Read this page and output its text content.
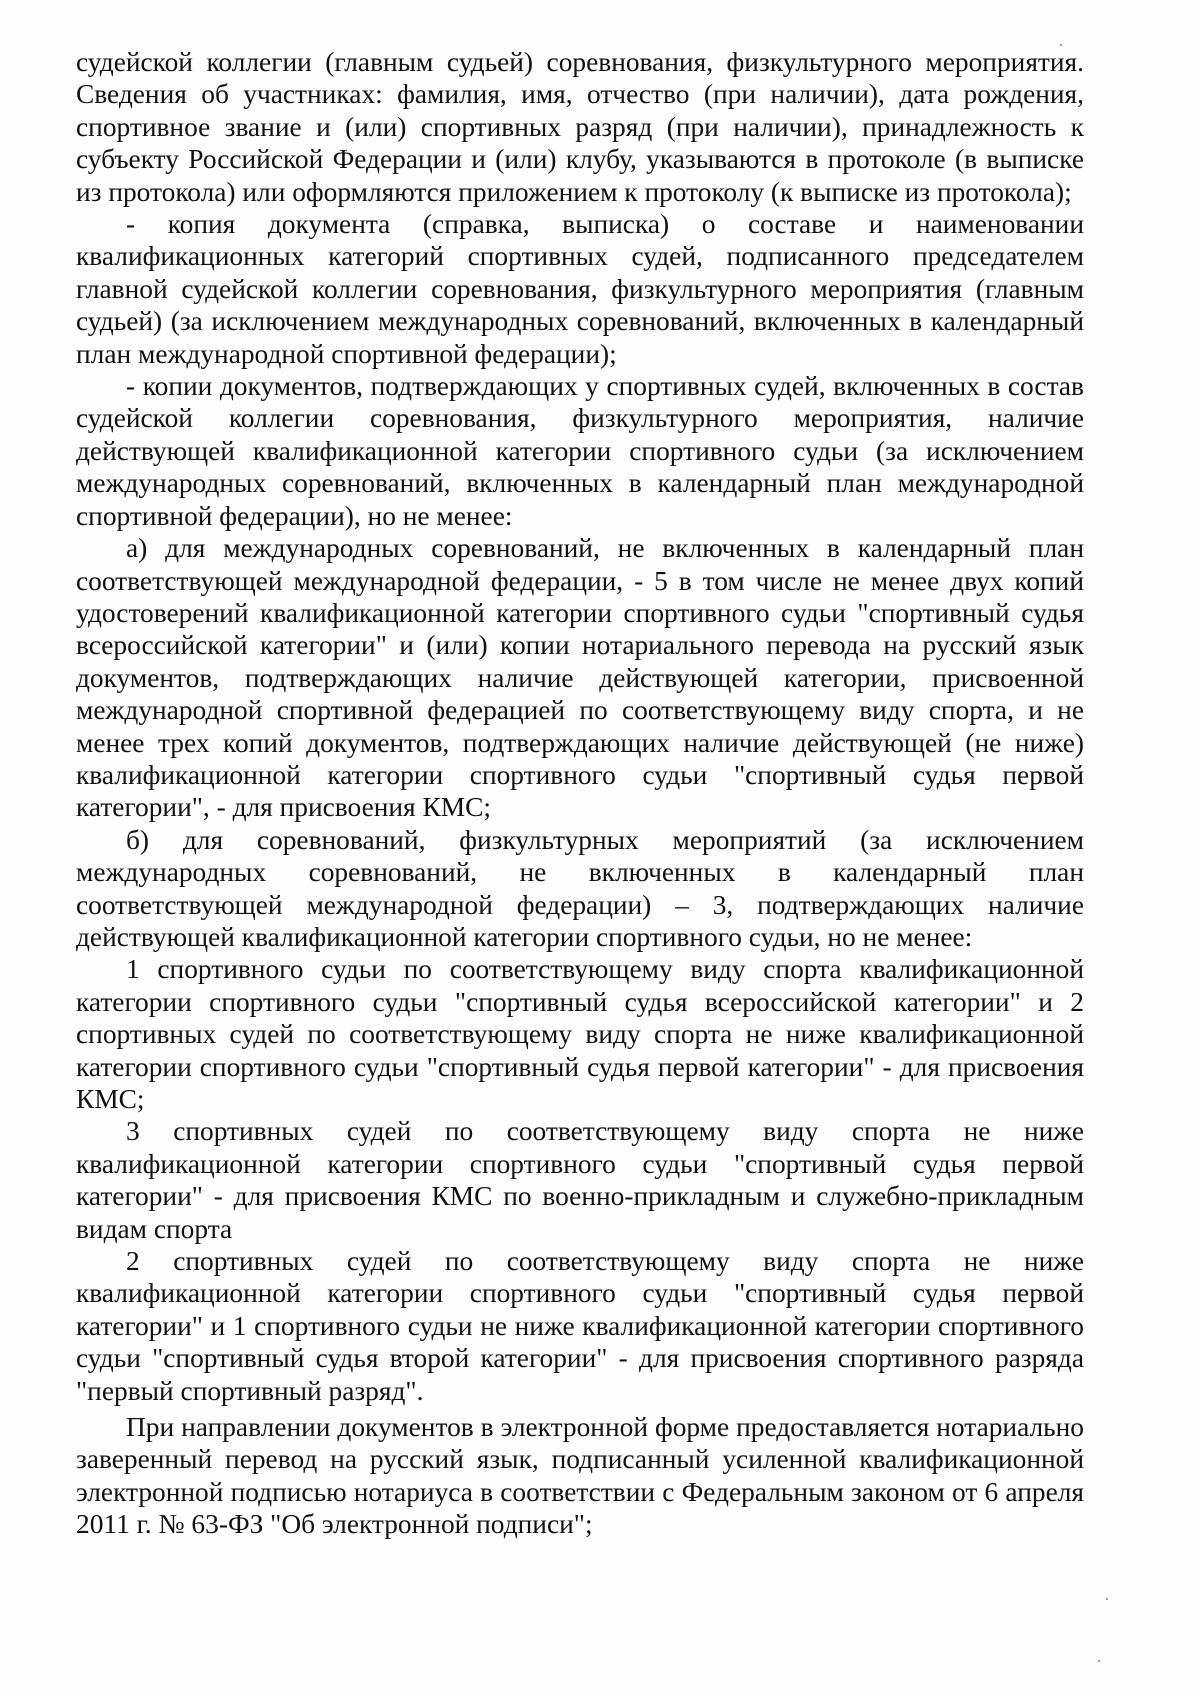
судейской коллегии (главным судьей) соревнования, физкультурного мероприятия. Сведения об участниках: фамилия, имя, отчество (при наличии), дата рождения, спортивное звание и (или) спортивных разряд (при наличии), принадлежность к субъекту Российской Федерации и (или) клубу, указываются в протоколе (в выписке из протокола) или оформляются приложением к протоколу (к выписке из протокола);

- копия документа (справка, выписка) о составе и наименовании квалификационных категорий спортивных судей, подписанного председателем главной судейской коллегии соревнования, физкультурного мероприятия (главным судьей) (за исключением международных соревнований, включенных в календарный план международной спортивной федерации);

- копии документов, подтверждающих у спортивных судей, включенных в состав судейской коллегии соревнования, физкультурного мероприятия, наличие действующей квалификационной категории спортивного судьи (за исключением международных соревнований, включенных в календарный план международной спортивной федерации), но не менее:

а) для международных соревнований, не включенных в календарный план соответствующей международной федерации, - 5 в том числе не менее двух копий удостоверений квалификационной категории спортивного судьи "спортивный судья всероссийской категории" и (или) копии нотариального перевода на русский язык документов, подтверждающих наличие действующей категории, присвоенной международной спортивной федерацией по соответствующему виду спорта, и не менее трех копий документов, подтверждающих наличие действующей (не ниже) квалификационной категории спортивного судьи "спортивный судья первой категории", - для присвоения КМС;

б) для соревнований, физкультурных мероприятий (за исключением международных соревнований, не включенных в календарный план соответствующей международной федерации) – 3, подтверждающих наличие действующей квалификационной категории спортивного судьи, но не менее:

1 спортивного судьи по соответствующему виду спорта квалификационной категории спортивного судьи "спортивный судья всероссийской категории" и 2 спортивных судей по соответствующему виду спорта не ниже квалификационной категории спортивного судьи "спортивный судья первой категории" - для присвоения КМС;

3 спортивных судей по соответствующему виду спорта не ниже квалификационной категории спортивного судьи "спортивный судья первой категории" - для присвоения КМС по военно-прикладным и служебно-прикладным видам спорта

2 спортивных судей по соответствующему виду спорта не ниже квалификационной категории спортивного судьи "спортивный судья первой категории" и 1 спортивного судьи не ниже квалификационной категории спортивного судьи "спортивный судья второй категории" - для присвоения спортивного разряда "первый спортивный разряд".

При направлении документов в электронной форме предоставляется нотариально заверенный перевод на русский язык, подписанный усиленной квалификационной электронной подписью нотариуса в соответствии с Федеральным законом от 6 апреля 2011 г. № 63-ФЗ "Об электронной подписи";
